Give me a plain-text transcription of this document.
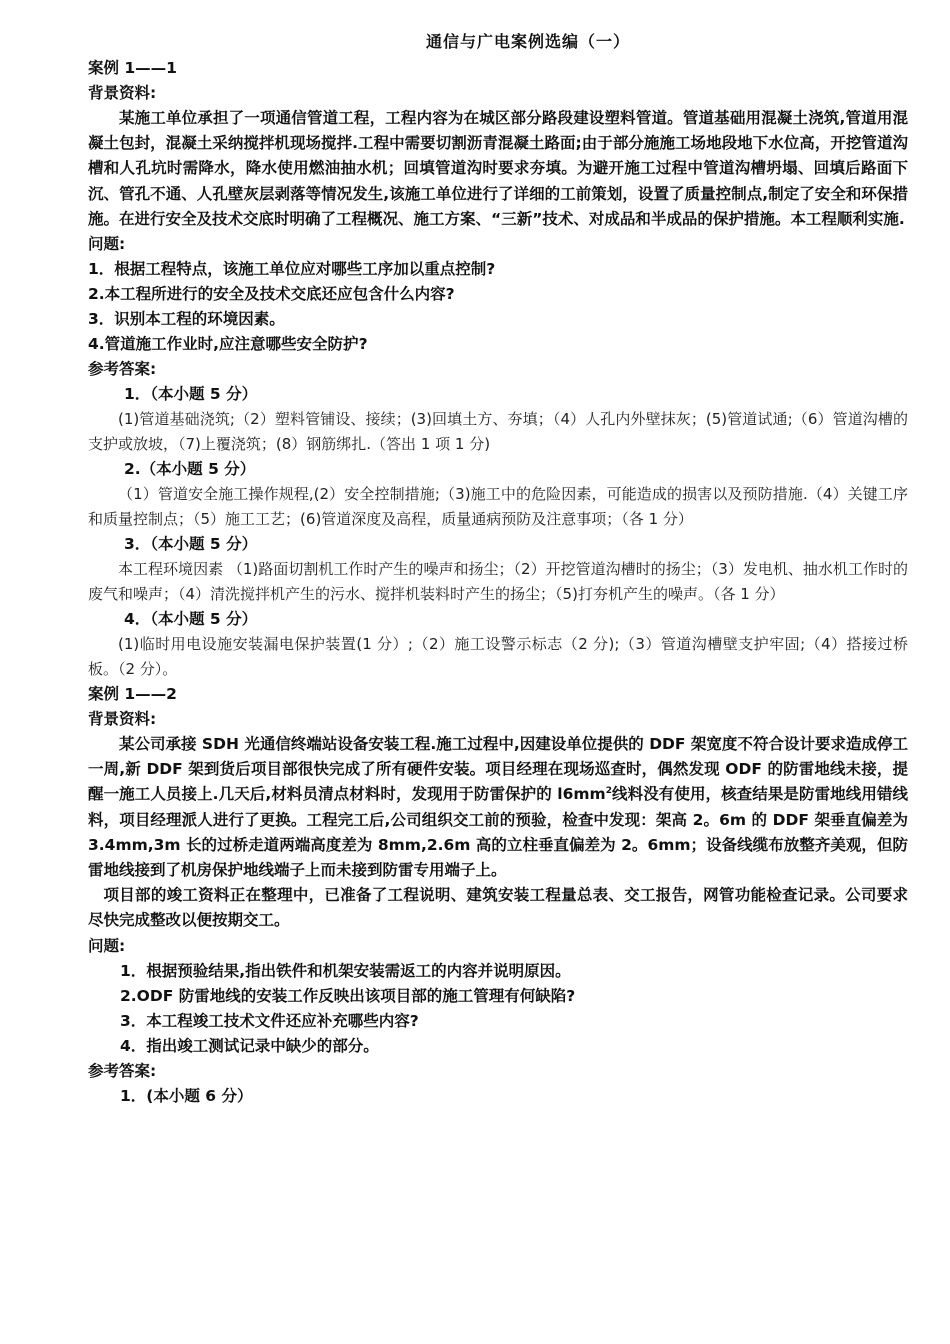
通信与广电案例选编（一）

案例 1——1

背景资料:

某施工单位承担了一项通信管道工程，工程内容为在城区部分路段建设塑料管道。管道基础用混凝土浇筑,管道用混凝土包封，混凝土采纳搅拌机现场搅拌.工程中需要切割沥青混凝土路面;由于部分施施工场地段地下水位高，开挖管道沟槽和人孔坑时需降水，降水使用燃油抽水机；回填管道沟时要求夯填。为避开施工过程中管道沟槽坍塌、回填后路面下沉、管孔不通、人孔壁灰层剥落等情况发生,该施工单位进行了详细的工前策划，设置了质量控制点,制定了安全和环保措施。在进行安全及技术交底时明确了工程概况、施工方案、“三新”技术、对成品和半成品的保护措施。本工程顺利实施.

问题:

1．根据工程特点，该施工单位应对哪些工序加以重点控制?

2.本工程所进行的安全及技术交底还应包含什么内容?

3．识别本工程的环境因素。

4.管道施工作业时,应注意哪些安全防护?

参考答案:

1．（本小题 5 分）

(1)管道基础浇筑;（2）塑料管铺设、接续；(3)回填土方、夯填；（4）人孔内外壁抹灰；(5)管道试通;（6）管道沟槽的支护或放坡，（7)上覆浇筑；(8）钢筋绑扎.（答出 1 项 1 分)

2.（本小题 5 分）

（1）管道安全施工操作规程,(2）安全控制措施;（3)施工中的危险因素，可能造成的损害以及预防措施.（4）关键工序和质量控制点；（5）施工工艺；(6)管道深度及高程，质量通病预防及注意事项；（各 1 分）

3．（本小题 5 分）

本工程环境因素 （1)路面切割机工作时产生的噪声和扬尘；（2）开挖管道沟槽时的扬尘；（3）发电机、抽水机工作时的废气和噪声；（4）清洗搅拌机产生的污水、搅拌机装料时产生的扬尘；（5)打夯机产生的噪声。（各 1 分）

4．（本小题 5 分）

(1)临时用电设施安装漏电保护装置(1 分）;（2）施工设警示标志（2 分);（3）管道沟槽壁支护牢固;（4）搭接过桥板。（2 分）。

案例 1——2

背景资料:

某公司承接 SDH 光通信终端站设备安装工程.施工过程中,因建设单位提供的 DDF 架宽度不符合设计要求造成停工一周,新 DDF 架到货后项目部很快完成了所有硬件安装。项目经理在现场巡查时，偶然发现 ODF 的防雷地线未接，提醒一施工人员接上.几天后,材料员清点材料时，发现用于防雷保护的 $l6mm^2$线料没有使用，核查结果是防雷地线用错线料，项目经理派人进行了更换。工程完工后,公司组织交工前的预验，检查中发现：架高 2。6m 的 DDF 架垂直偏差为 3.4mm,3m 长的过桥走道两端高度差为 8mm,2.6m 高的立柱垂直偏差为 2。6mm；设备线缆布放整齐美观，但防雷地线接到了机房保护地线端子上而未接到防雷专用端子上。

项目部的竣工资料正在整理中，已准备了工程说明、建筑安装工程量总表、交工报告，网管功能检查记录。公司要求尽快完成整改以便按期交工。

问题:

1．根据预验结果,指出铁件和机架安装需返工的内容并说明原因。

2.ODF 防雷地线的安装工作反映出该项目部的施工管理有何缺陷?

3．本工程竣工技术文件还应补充哪些内容?

4．指出竣工测试记录中缺少的部分。

参考答案:

1．(本小题 6 分）
